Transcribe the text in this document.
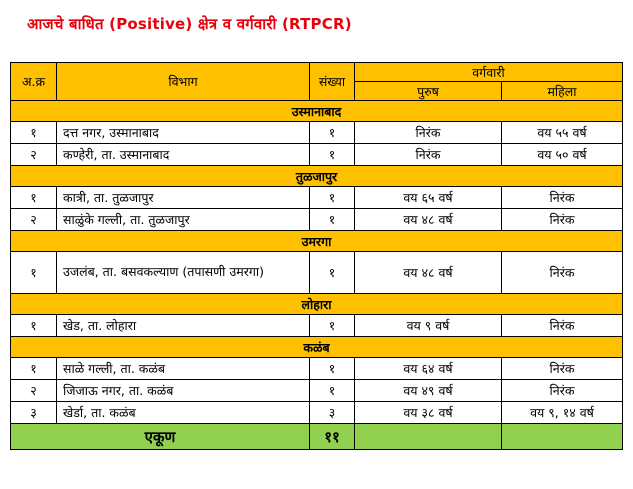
आजचे बाधित (Positive) क्षेत्र व वर्गवारी (RTPCR)
अ.क्र	विभाग	संख्या	वर्गवारी	
			पुरुष	महिला
उस्मानाबाद				
१	दत्त नगर, उस्मानाबाद	१	निरंक	वय ५५ वर्ष
२	कण्हेरी, ता. उस्मानाबाद	१	निरंक	वय ५० वर्ष
तुळजापुर				
१	कात्री, ता. तुळजापुर	१	वय ६५ वर्ष	निरंक
२	साळुंके गल्ली, ता. तुळजापुर	१	वय ४८ वर्ष	निरंक
उमरगा				
१	उजलंब, ता. बसवकल्याण (तपासणी उमरगा)	१	वय ४८ वर्ष	निरंक
लोहारा				
१	खेड, ता. लोहारा	१	वय ९ वर्ष	निरंक
कळंब				
१	साळे गल्ली, ता. कळंब	१	वय ६४ वर्ष	निरंक
२	जिजाऊ नगर, ता. कळंब	१	वय ४९ वर्ष	निरंक
३	खेर्डा, ता. कळंब	३	वय ३८ वर्ष	वय ९, १४ वर्ष
एकूण		११		
